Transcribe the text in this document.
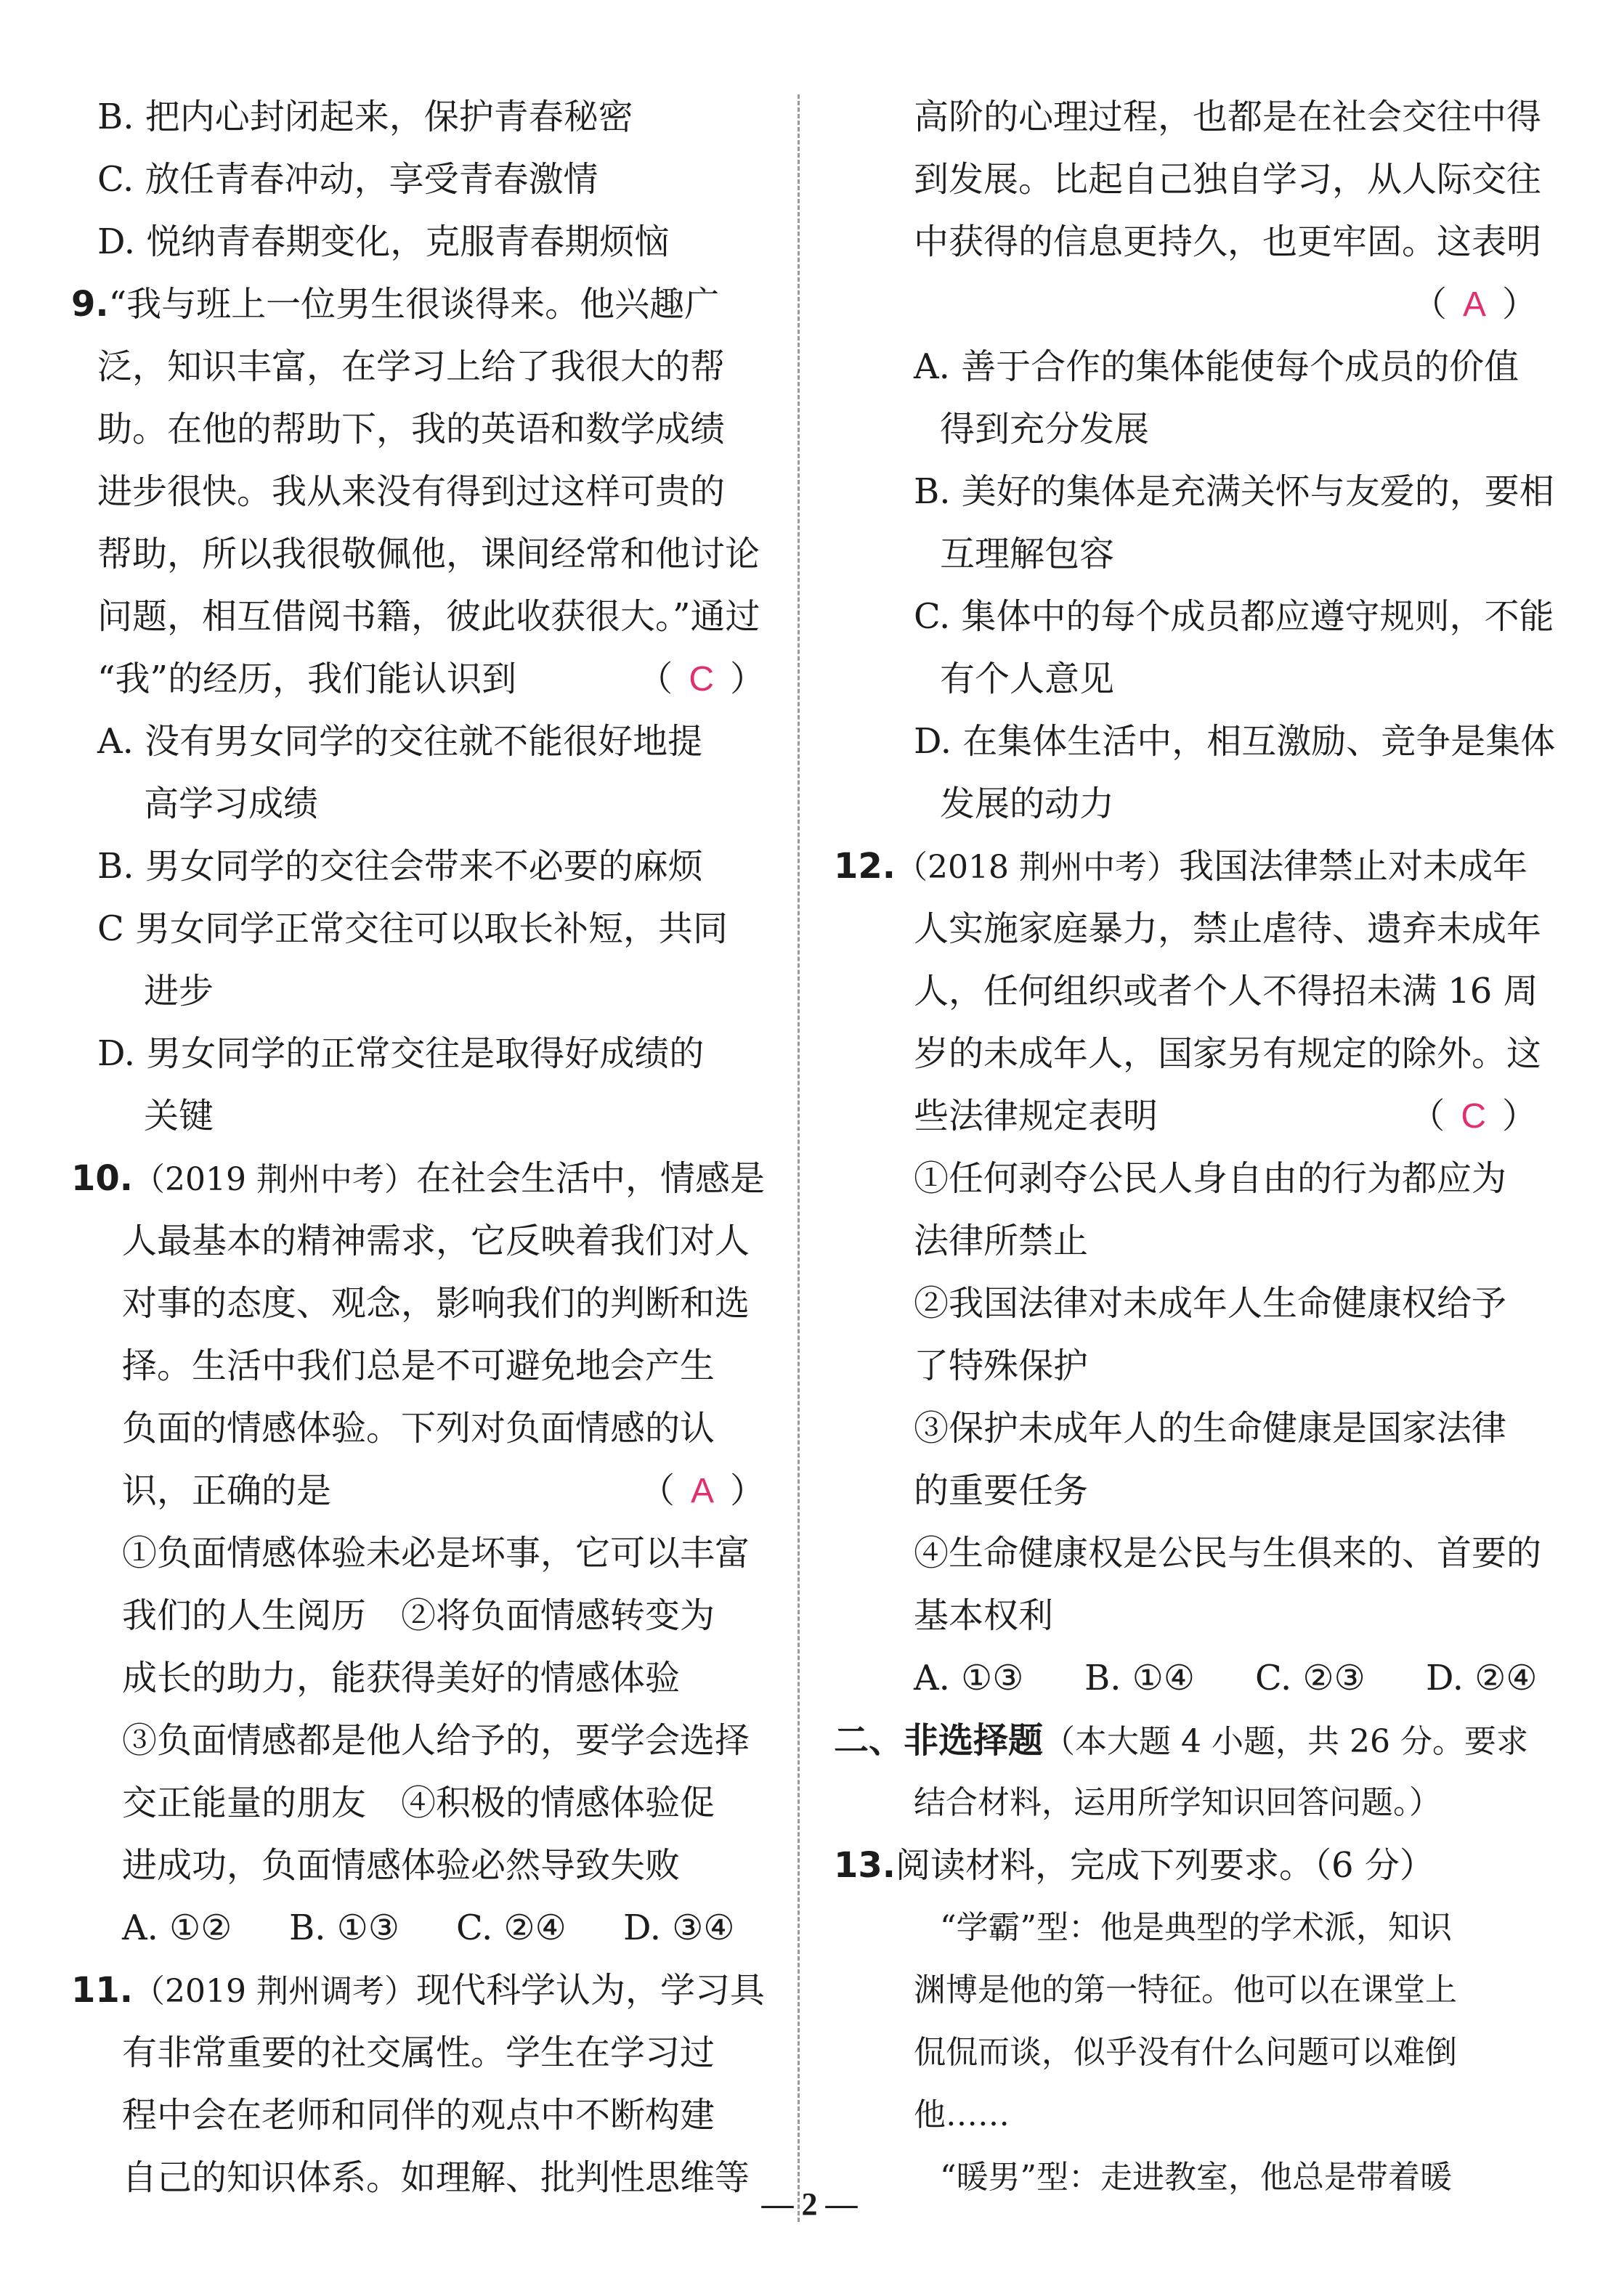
B. 把内心封闭起来，保护青春秘密
C. 放任青春冲动，享受青春激情
D. 悦纳青春期变化，克服青春期烦恼
9.“我与班上一位男生很谈得来。他兴趣广
泛，知识丰富，在学习上给了我很大的帮
助。在他的帮助下，我的英语和数学成绩
进步很快。我从来没有得到过这样可贵的
帮助，所以我很敬佩他，课间经常和他讨论
问题，相互借阅书籍，彼此收获很大。”通过
“我”的经历，我们能认识到	（ C ）
A. 没有男女同学的交往就不能很好地提
高学习成绩
B. 男女同学的交往会带来不必要的麻烦
C 男女同学正常交往可以取长补短，共同
进步
D. 男女同学的正常交往是取得好成绩的
关键
10.（2019 荆州中考）在社会生活中，情感是
人最基本的精神需求，它反映着我们对人
对事的态度、观念，影响我们的判断和选
择。生活中我们总是不可避免地会产生
负面的情感体验。下列对负面情感的认
识，正确的是	（ A ）
①负面情感体验未必是坏事，它可以丰富
我们的人生阅历　②将负面情感转变为
成长的助力，能获得美好的情感体验
③负面情感都是他人给予的，要学会选择
交正能量的朋友　④积极的情感体验促
进成功，负面情感体验必然导致失败
A. ①② B. ①③ C. ②④ D. ③④
11.（2019 荆州调考）现代科学认为，学习具
有非常重要的社交属性。学生在学习过
程中会在老师和同伴的观点中不断构建
自己的知识体系。如理解、批判性思维等
高阶的心理过程，也都是在社会交往中得
到发展。比起自己独自学习，从人际交往
中获得的信息更持久，也更牢固。这表明
（ A ）
A. 善于合作的集体能使每个成员的价值
得到充分发展
B. 美好的集体是充满关怀与友爱的，要相
互理解包容
C. 集体中的每个成员都应遵守规则，不能
有个人意见
D. 在集体生活中，相互激励、竞争是集体
发展的动力
12.（2018 荆州中考）我国法律禁止对未成年
人实施家庭暴力，禁止虐待、遗弃未成年
人，任何组织或者个人不得招未满 16 周
岁的未成年人，国家另有规定的除外。这
些法律规定表明	（ C ）
①任何剥夺公民人身自由的行为都应为
法律所禁止
②我国法律对未成年人生命健康权给予
了特殊保护
③保护未成年人的生命健康是国家法律
的重要任务
④生命健康权是公民与生俱来的、首要的
基本权利
A. ①③ B. ①④ C. ②③ D. ②④
二、非选择题（本大题 4 小题，共 26 分。要求
结合材料，运用所学知识回答问题。）
13.阅读材料，完成下列要求。（6 分）
“学霸”型：他是典型的学术派，知识
渊博是他的第一特征。他可以在课堂上
侃侃而谈，似乎没有什么问题可以难倒
他……
“暖男”型：走进教室，他总是带着暖
— 2 —
